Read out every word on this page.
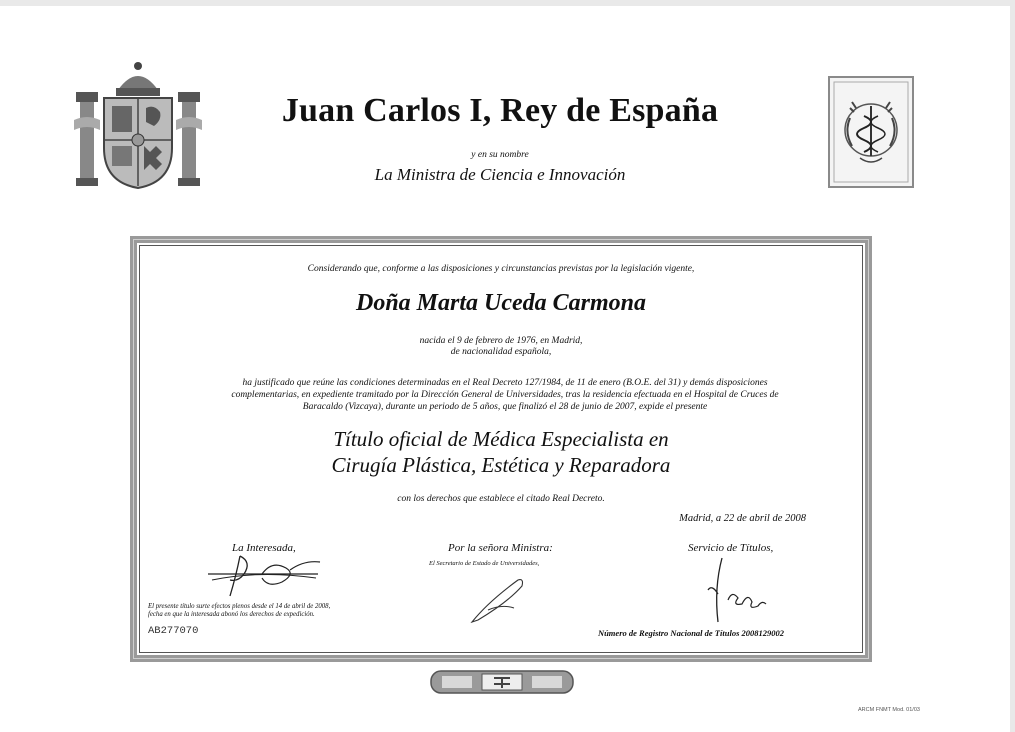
Juan Carlos I, Rey de España
y en su nombre
La Ministra de Ciencia e Innovación
Considerando que, conforme a las disposiciones y circunstancias previstas por la legislación vigente,
Doña Marta Uceda Carmona
nacida el 9 de febrero de 1976, en Madrid,
de nacionalidad española,
ha justificado que reúne las condiciones determinadas en el Real Decreto 127/1984, de 11 de enero (B.O.E. del 31) y demás disposiciones
complementarias, en expediente tramitado por la Dirección General de Universidades, tras la residencia efectuada en el Hospital de Cruces de
Baracaldo (Vizcaya), durante un periodo de 5 años, que finalizó el 28 de junio de 2007, expide el presente
Título oficial de Médica Especialista en
Cirugía Plástica, Estética y Reparadora
con los derechos que establece el citado Real Decreto.
Madrid, a 22 de abril de 2008
La Interesada,	Por la señora Ministra:
El Secretario de Estado de Universidades,
Servicio de Títulos,
El presente título surte efectos plenos desde el 14 de abril de 2008,
fecha en que la interesada abonó los derechos de expedición.
AB277070	Número de Registro Nacional de Títulos 2008129002
ARCM FNMT Mod. 01/03
